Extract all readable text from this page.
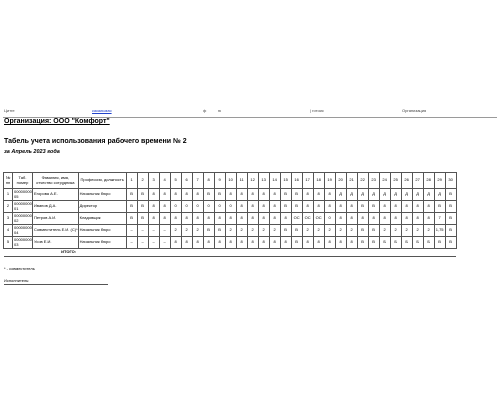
Цитге	какаиьмая	ф	ю	| готоис	Организация
Организация: ООО "Комфорт"
Табель учета использования рабочего времени № 2
за Апрель 2023 года
№ пп	Таб. номер	Фамилия, имя, отчество сотрудника	Профессия, должность	1	2	3	4	5	6	7	8	9	10	11	12	13	14	15	16	17	18	19	20	21	22	23	24	25	26	27	28	29	30
1	00000000 05	Егорова А.Е.	Начальник бюро	В	В	8	8	8	8	8	В	В	8	8	8	8	8	В	В	8	8	8	Д	Д	Д	Д	Д	Д	Д	Д	Д	Д	В
2	00000000 01	Иванов Д.А.	Директор	В	В	8	8	0	0	0	0	0	0	8	8	8	8	В	В	8	8	8	8	8	В	В	8	8	8	8	8	В	В
3	00000000 02	Петров А.И.	Кладовщик	В	В	8	8	8	8	8	8	8	8	8	8	8	8	8	ОС	ОС	ОС	0	8	8	8	8	8	8	8	8	8	7	В
4	00000000 04	Совместитель Е.И. (С)*	Начальник бюро	–	–	–	–	2	2	2	В	В	2	2	2	2	2	В	В	2	2	2	2	2	В	В	2	2	2	2	2	1,75	В
5	00000000 03	Усов Е.И.	Начальник бюро	–	–	–	–	8	8	8	8	8	8	8	8	8	8	8	В	8	8	8	8	8	В	В	Б	Б	Б	Б	Б	В	В
ИТОГО:																																	
* - совместитель
Исполнитель:
